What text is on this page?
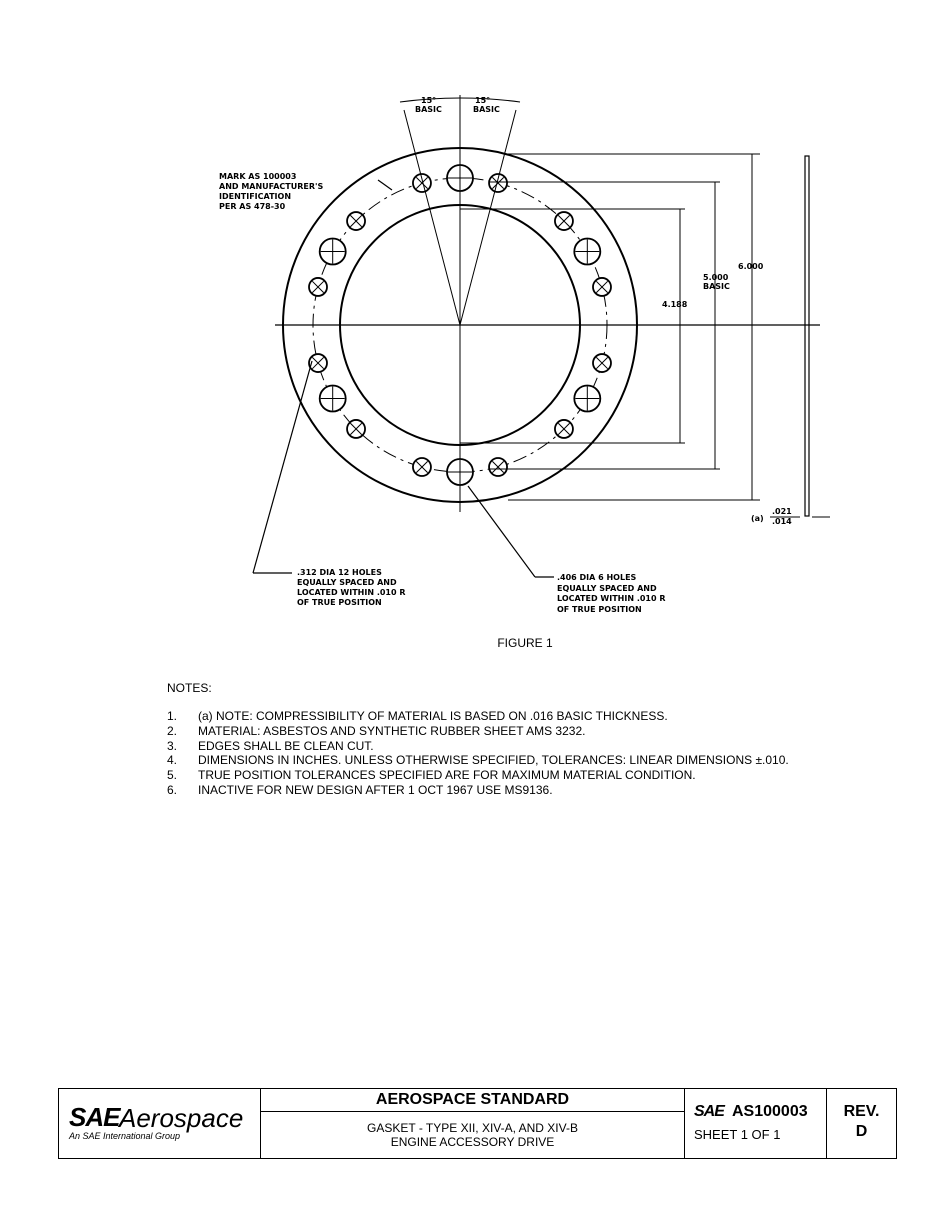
15°	15°
BASIC	BASIC
MARK AS 100003
AND MANUFACTURER'S
IDENTIFICATION
PER AS 478-30
6.000
5.000
BASIC
4.188
(a)
.021
.014
.312 DIA 12 HOLES
EQUALLY SPACED AND
LOCATED WITHIN .010 R
OF TRUE POSITION
.406 DIA 6 HOLES
EQUALLY SPACED AND
LOCATED WITHIN .010 R
OF TRUE POSITION
FIGURE 1
NOTES:
1. (a) NOTE: COMPRESSIBILITY OF MATERIAL IS BASED ON .016 BASIC THICKNESS.
2. MATERIAL: ASBESTOS AND SYNTHETIC RUBBER SHEET AMS 3232.
3. EDGES SHALL BE CLEAN CUT.
4. DIMENSIONS IN INCHES. UNLESS OTHERWISE SPECIFIED, TOLERANCES: LINEAR DIMENSIONS ±.010.
5. TRUE POSITION TOLERANCES SPECIFIED ARE FOR MAXIMUM MATERIAL CONDITION.
6. INACTIVE FOR NEW DESIGN AFTER 1 OCT 1967 USE MS9136.
SAE Aerospace
An SAE International Group
AEROSPACE STANDARD
GASKET - TYPE XII, XIV-A, AND XIV-B
ENGINE ACCESSORY DRIVE
SAE AS100003
SHEET 1 OF 1
REV.
D
